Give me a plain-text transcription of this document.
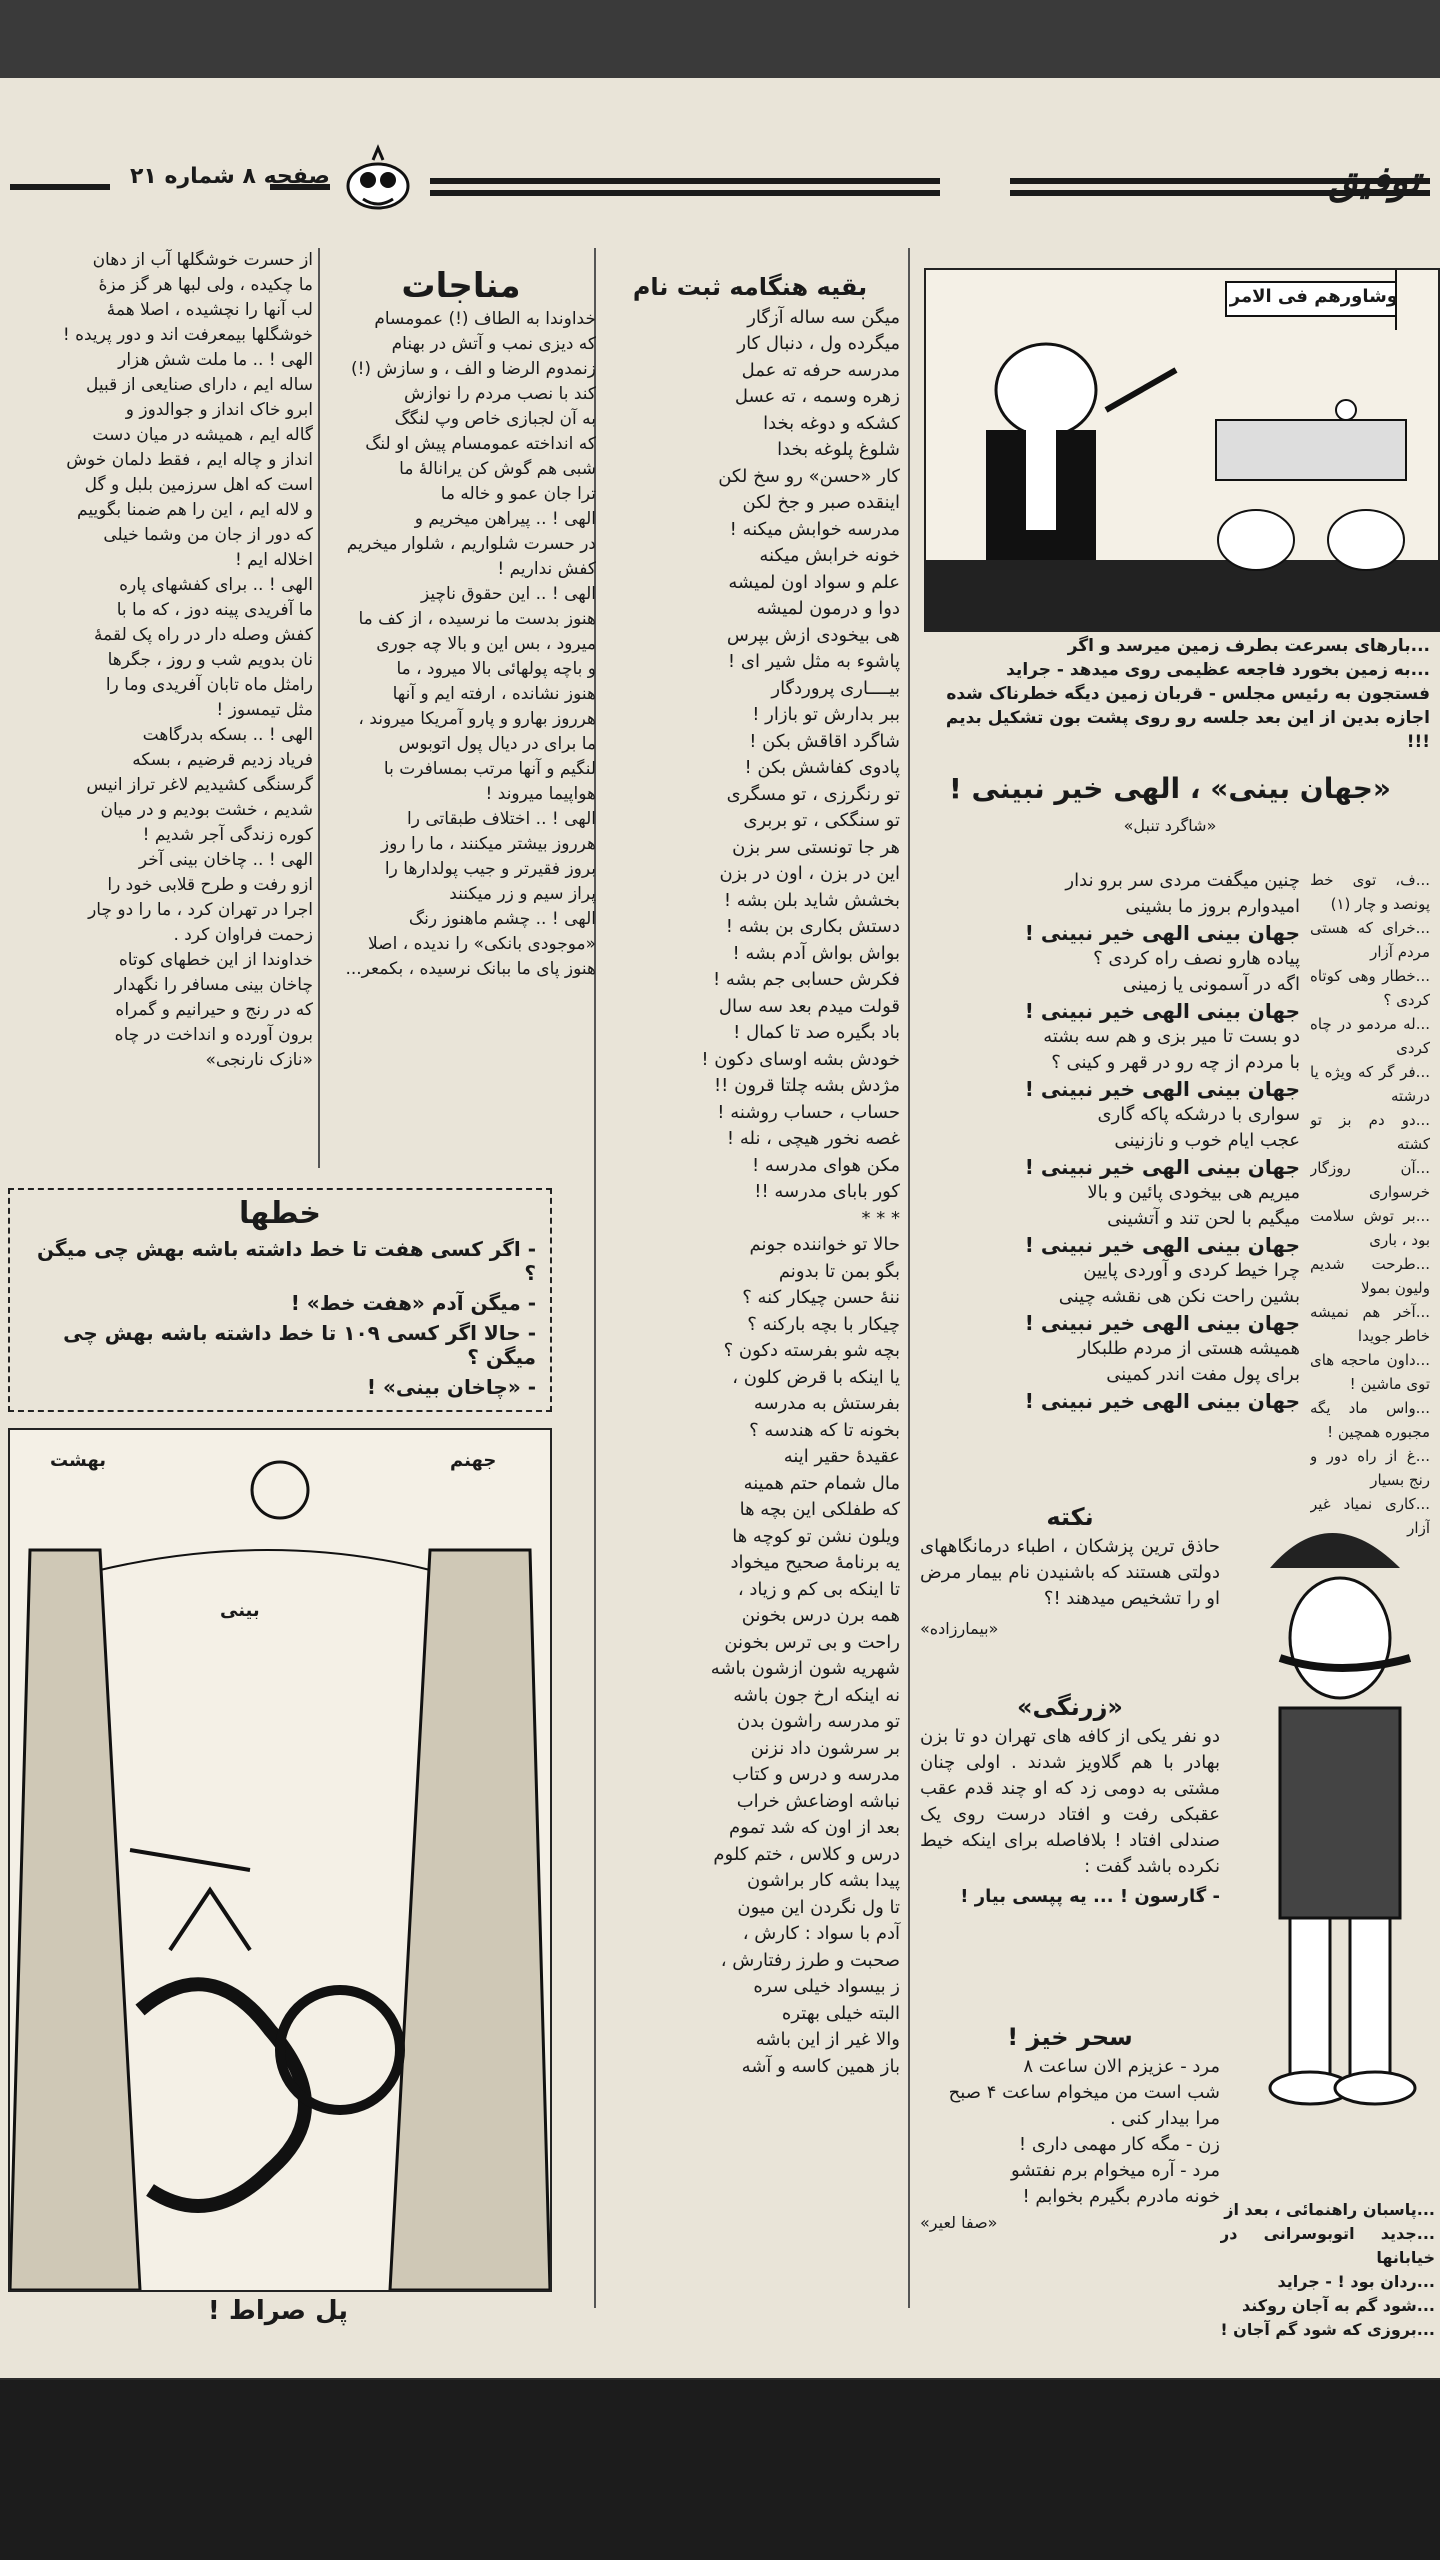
توفیق
صفحه ۸ شماره ۲۱
وشاورهم فی الامر
...بارهای بسرعت بطرف زمین میرسد و اگر
...به زمین بخورد فاجعه عظیمی روی میدهد - جراید
فستجون به رئیس مجلس - قربان زمین دیگه خطرناک شده
اجازه بدین از این بعد جلسه رو روی پشت بون تشکیل بدیم !!!
«جهان بینی» ، الهی خیر نبینی !
«شاگرد تنبل»
...ف، توی خط پونصد و چار (۱)
...خرای که هستی مردم آزار
...خطار وهی کوتاه کردی ؟
...له مردمو در چاه کردی
...فر گر که ویژه یا درشته
...دو دم بز تو کشته
...آن روزگار خرسواری
...بر توش سلامت بود ، باری
...طرحت شدیم ولیون بمولا
...آخر هم نمیشه خاطر جویدا
...داون ماحجه های توی ماشین !
...واس ماد یگه مجبوره همچین !
...غ از راه دور و رنج بسیار
...کاری نمیاد غیر آزار
چنین میگفت مردی سر برو ندار
امیدوارم بروز ما بشینی
جهان بینی الهی خیر نبینی !
پیاده هارو نصف راه کردی ؟
اگه در آسمونی یا زمینی
جهان بینی الهی خیر نبینی !
دو بست تا میر بزی و هم سه بشته
با مردم از چه رو در قهر و کینی ؟
جهان بینی الهی خیر نبینی !
سواری با درشکه پاکه گاری
عجب ایام خوب و نازنینی
جهان بینی الهی خیر نبینی !
میریم هی بیخودی پائین و بالا
میگیم با لحن تند و آتشینی
جهان بینی الهی خیر نبینی !
چرا خیط کردی و آوردی پایین
بشین راحت نکن هی نقشه چینی
جهان بینی الهی خیر نبینی !
همیشه هستی از مردم طلبکار
برای پول مفت اندر کمینی
جهان بینی الهی خیر نبینی !
نکته

حاذق ترین پزشکان ، اطباء درمانگاههای دولتی هستند که باشنیدن نام بیمار مرض او را تشخیص میدهند !؟

«بیمارزاده»
«زرنگی»

دو نفر یکی از کافه های تهران دو تا بزن بهادر با هم گلاویز شدند . اولی چنان مشتی به دومی زد که او چند قدم عقب عقبکی رفت و افتاد درست روی یک صندلی افتاد ! بلافاصله برای اینکه خیط نکرده باشد گفت :

- گارسون ! ... یه پپسی بیار !

سحر خیز !
مرد - عزیزم الان ساعت ۸
شب است من میخوام ساعت ۴ صبح
مرا بیدار کنی .
زن - مگه کار مهمی داری !
مرد - آره میخوام برم نفتشو
خونه مادرم بگیرم بخوابم !
«صفا لعیر»
...پاسبان راهنمائی ، بعد از
...جدید اتوبوسرانی در خیابانها
...ردان بود ! - جراید
...شود گم به آجان روکند
...بروزی که شود گم آجان !
بقیه هنگامه ثبت نام
میگن سه ساله آزگار
میگرده ول ، دنبال کار
مدرسه حرفه ته عمل
زهره وسمه ، ته عسل
کشکه و دوغه بخدا
شلوغ پلوغه بخدا
کار «حسن» رو سخ لکن
اینقده صبر و جخ لکن
مدرسه خوابش میکنه !
خونه خرابش میکنه
علم و سواد اون لمیشه
دوا و درمون لمیشه
هی بیخودی ازش بپرس
پاشوء به مثل شیر ای !
بیــــاری پروردگار
ببر بدارش تو بازار !
شاگرد اقاقش بکن !
پادوی کفاشش بکن !
تو رنگرزی ، تو مسگری
تو سنگکی ، تو بربری
هر جا تونستی سر بزن
این در بزن ، اون در بزن
بخشش شاید بلن بشه !
دستش بکاری بن بشه !
بواش بواش آدم بشه !
فکرش حسابی جم بشه !
قولت میدم بعد سه سال
باد بگیره صد تا کمال !
خودش بشه اوسای دکون !
مژدش بشه چلتا قرون !!
حساب ، حساب روشنه !
غصه نخور هیچی ، نله !
مکن هوای مدرسه !
کور بابای مدرسه !!
* * *
حالا تو خواننده جونم
بگو بمن تا بدونم
ننهٔ حسن چیکار کنه ؟
چیکار با بچه بارکنه ؟
بچه شو بفرسته دکون ؟
یا اینکه با قرض کلون ،
بفرستش به مدرسه
بخونه تا که هندسه ؟
عقیدهٔ حقیر اینه
مال شمام حتم همینه
که طفلکی این بچه ها
ویلون نشن تو کوچه ها
یه برنامهٔ صحیح میخواد
تا اینکه بی کم و زیاد ،
همه برن درس بخونن
راحت و بی ترس بخونن
شهریه شون ازشون باشه
نه اینکه ارخ جون باشه
تو مدرسه راشون بدن
بر سرشون داد نزنن
مدرسه و درس و کتاب
نباشه اوضاعش خراب
بعد از اون که شد تموم
درس و کلاس ، ختم کلوم
پیدا بشه کار براشون
تا ول نگردن این میون
آدم با سواد : کارش ،
صحبت و طرز رفتارش ،
ز بیسواد خیلی سره
البته خیلی بهتره
والا غیر از این باشه
باز همین کاسه و آشه
مناجات
خداوندا به الطاف (!) عمومسام
که دیزی نمب و آتش در بهنام
زنمدوم الرضا و الف ، و سازش (!)
کند با نصب مردم را نوازش
به آن لجبازی خاص وپ لنگگ
که انداخته عمومسام پیش او لنگ
شبی هم گوش کن یرانالهٔ ما
ترا جان عمو و خاله ما
الهی ! .. پیراهن میخریم و
در حسرت شلواریم ، شلوار میخریم
کفش نداریم !
الهی ! .. این حقوق ناچیز
هنوز بدست ما نرسیده ، از کف ما
میرود ، بس این و بالا چه جوری
و باچه پولهائی بالا میرود ، ما
هنوز نشانده ، ارفته ایم و آنها
هرروز بهارو و پارو آمریکا میروند ،
ما برای در دیال پول اتوبوس
لنگیم و آنها مرتب بمسافرت با
هواپیما میروند !
الهی ! .. اختلاف طبقاتی را
هرروز بیشتر میکنند ، ما را روز
بروز فقیرتر و جیب پولدارها را
پراز سیم و زر میکنند
الهی ! .. چشم ماهنوز رنگ
«موجودی بانکی» را ندیده ، اصلا
هنوز پای ما ببانک نرسیده ، بکمعر...
از حسرت خوشگلها آب از دهان
ما چکیده ، ولی لبها هر گز مزهٔ
لب آنها را نچشیده ، اصلا همهٔ
خوشگلها بیمعرفت اند و دور پریده !
الهی ! .. ما ملت شش هزار
ساله ایم ، دارای صنایعی از قبیل
ابرو خاک انداز و جوالدوز و
گاله ایم ، همیشه در میان دست
انداز و چاله ایم ، فقط دلمان خوش
است که اهل سرزمین بلبل و گل
و لاله ایم ، این را هم ضمنا بگوییم
که دور از جان من وشما خیلی
اخلاله ایم !
الهی ! .. برای کفشهای پاره
ما آفریدی پینه دوز ، که ما با
کفش وصله دار در راه پک لقمهٔ
نان بدویم شب و روز ، جگرها
رامثل ماه تابان آفریدی وما را
مثل تیمسوز !
الهی ! .. بسکه بدرگاهت
فریاد زدیم قرضیم ، بسکه
گرسنگی کشیدیم لاغر تراز انیس
شدیم ، خشت بودیم و در میان
کوره زندگی آجر شدیم !
الهی ! .. چاخان بینی آخر
ازو رفت و طرح قلابی خود را
اجرا در تهران کرد ، ما را دو چار
زحمت فراوان کرد .
خداوندا از این خطهای کوتاه
چاخان بینی مسافر را نگهدار
که در رنج و حیرانیم و گمراه
برون آورده و انداخت در چاه
«نازک نارنجی»
خطها
- اگر کسی هفت تا خط داشته باشه بهش چی میگن ؟
- میگن آدم «هفت خط» !
- حالا اگر کسی ۱۰۹ تا خط داشته باشه بهش چی میگن ؟
- «چاخان بینی» !
بهشت	جهنم
بینی
پل صراط !
